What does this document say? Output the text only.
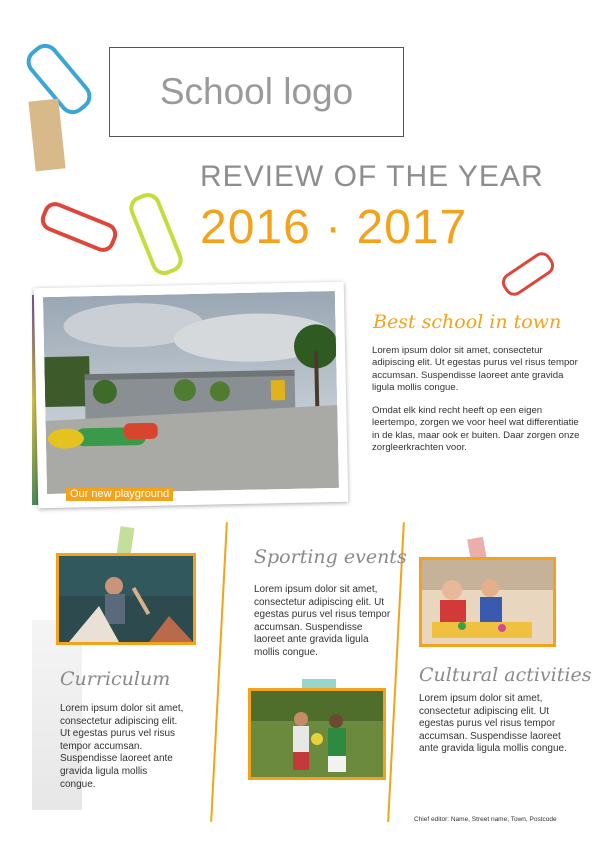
School logo
REVIEW OF THE YEAR
2016 · 2017
Our new playground
Best school in town
Lorem ipsum dolor sit amet, consectetur adipiscing elit. Ut egestas purus vel risus tempor accumsan. Suspendisse laoreet ante gravida ligula mollis congue.
Omdat elk kind recht heeft op een eigen leertempo, zorgen we voor heel wat differentiatie in de klas, maar ook er buiten. Daar zorgen onze zorgleerkrachten voor.
Curriculum
Lorem ipsum dolor sit amet, consectetur adipiscing elit. Ut egestas purus vel risus tempor accumsan. Suspendisse laoreet ante gravida ligula mollis congue.
Sporting events
Lorem ipsum dolor sit amet, consectetur adipiscing elit. Ut egestas purus vel risus tempor accumsan. Suspendisse laoreet ante gravida ligula mollis congue.
Cultural activities
Lorem ipsum dolor sit amet, consectetur adipiscing elit. Ut egestas purus vel risus tempor accumsan. Suspendisse laoreet ante gravida ligula mollis congue.
Chief editor: Name, Street name, Town, Postcode
